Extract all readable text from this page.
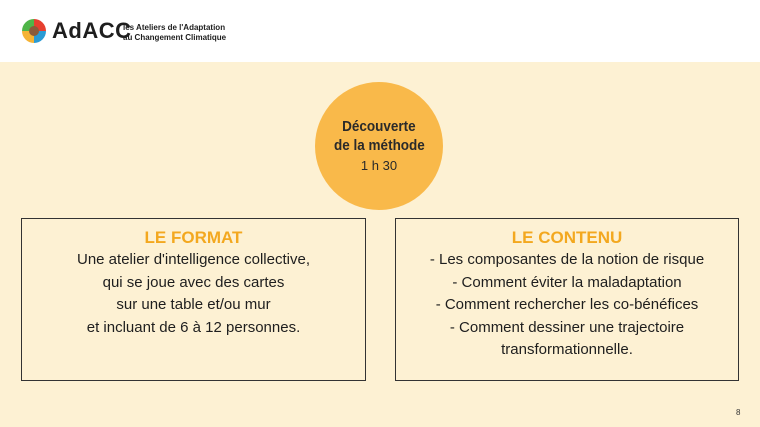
AdACC
les Ateliers de l'Adaptation
au Changement Climatique
Découverte
de la méthode
1 h 30
LE FORMAT
Une atelier d'intelligence collective,
qui se joue avec des cartes
sur une table et/ou mur
et incluant de 6 à 12 personnes.
LE CONTENU
- Les composantes de la notion de risque
- Comment éviter la maladaptation
- Comment rechercher les co-bénéfices
- Comment dessiner une trajectoire
transformationnelle.
8
